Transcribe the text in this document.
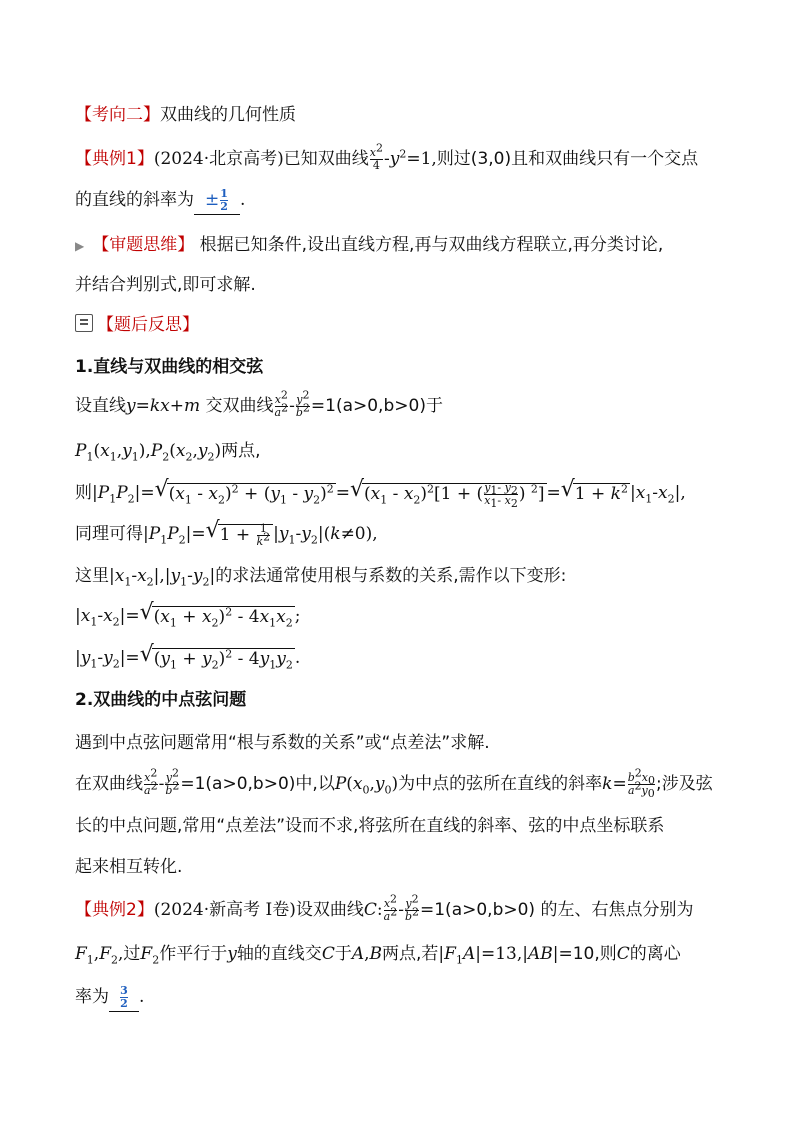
【考向二】双曲线的几何性质
【典例1】(2024·北京高考)已知双曲线 $\frac{x^2}{4} -y^2=1$,则过(3,0)且和双曲线只有一个交点
的直线的斜率为 ± $\frac{1}{2}$ .
▶ 【审题思维】 根据已知条件,设出直线方程,再与双曲线方程联立,再分类讨论,
并结合判别式,即可求解.
【题后反思】
1.直线与双曲线的相交弦
设直线y=kx+m 交双曲线 $\frac{x^2}{a^2} - \frac{y^2}{b^2} =1(a>0,b>0)$于
$P_1(x_1,y_1),P_2(x_2,y_2)$两点,
则$|P_1P_2|=√$ $(x_1 - x_2)^2 + (y_1 - y_2)^2$ =√ $(x_1 - x_2)^2[1$ + ( $\frac{y_1- y_2}{x_1- x_2}$ ) $^2$] =√ $1 + k^2$ $|x_1-x_2|$,
同理可得$|P_1P_2|=√$ $1 + \frac{1}{k^2} |y_1-y_2|(k\ne 0)$,
这里$|x_1-x_2|,|y_1-y_2|$的求法通常使用根与系数的关系,需作以下变形:
$|x_1-x_2|=√$ $(x_1 + x_2)^2 - 4x_1x_2$ ;
$|y_1-y_2|=√$ $(y_1 + y_2)^2 - 4y_1y_2$ .
2.双曲线的中点弦问题
遇到中点弦问题常用“根与系数的关系”或“点差法”求解.
在双曲线 $\frac{x^2}{a^2} - \frac{y^2}{b^2} =1(a>0,b>0)$中,以$P(x_0,y_0)$为中点的弦所在直线的斜率$k= \frac{b^2x_0}{a^2y_0}$ ;涉及弦
长的中点问题,常用“点差法”设而不求,将弦所在直线的斜率、弦的中点坐标联系
起来相互转化.
【典例2】(2024·新高考 I卷)设双曲线C: $\frac{x^2}{a^2} - \frac{y^2}{b^2} =1(a>0,b>0)$ 的左、右焦点分别为
$F_1,F_2$,过$F_2$作平行于y轴的直线交C于A,B两点,若$|F_1A|=13,|AB|=10$,则C的离心
率为 $\frac{3}{2}$ .
